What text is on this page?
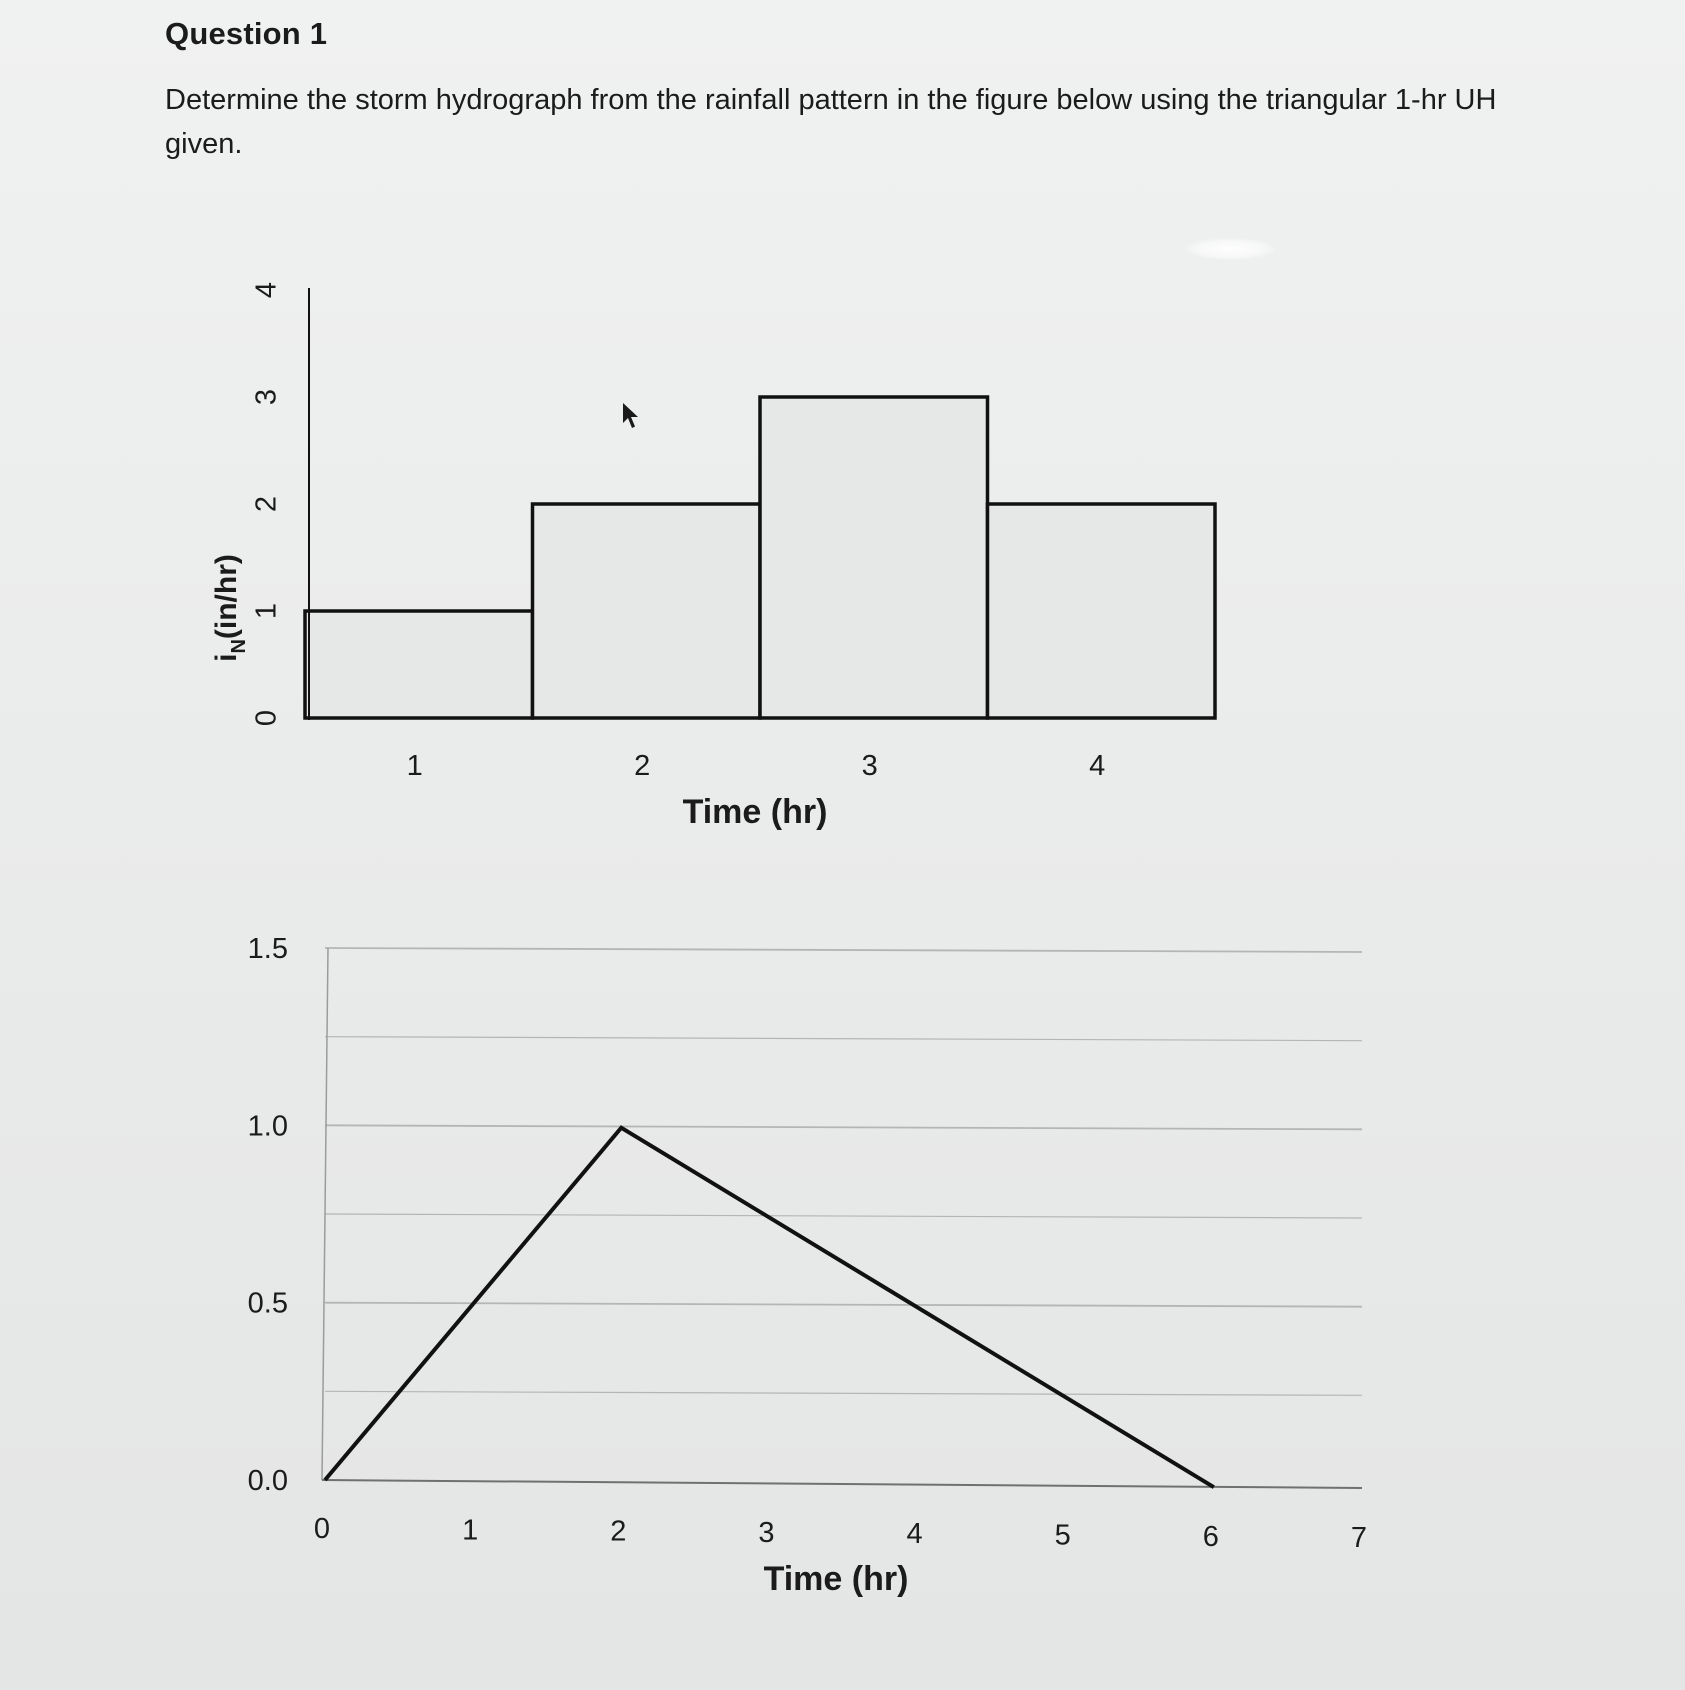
Question 1
Determine the storm hydrograph from the rainfall pattern in the figure below using the triangular 1-hr UH given.
0
1
2
3
4
1	2	3	4
Time (hr)
$i_N(in/hr)$
0.0
0.5
1.0
1.5
0	1	2	3	4	5	6	7
Time (hr)
